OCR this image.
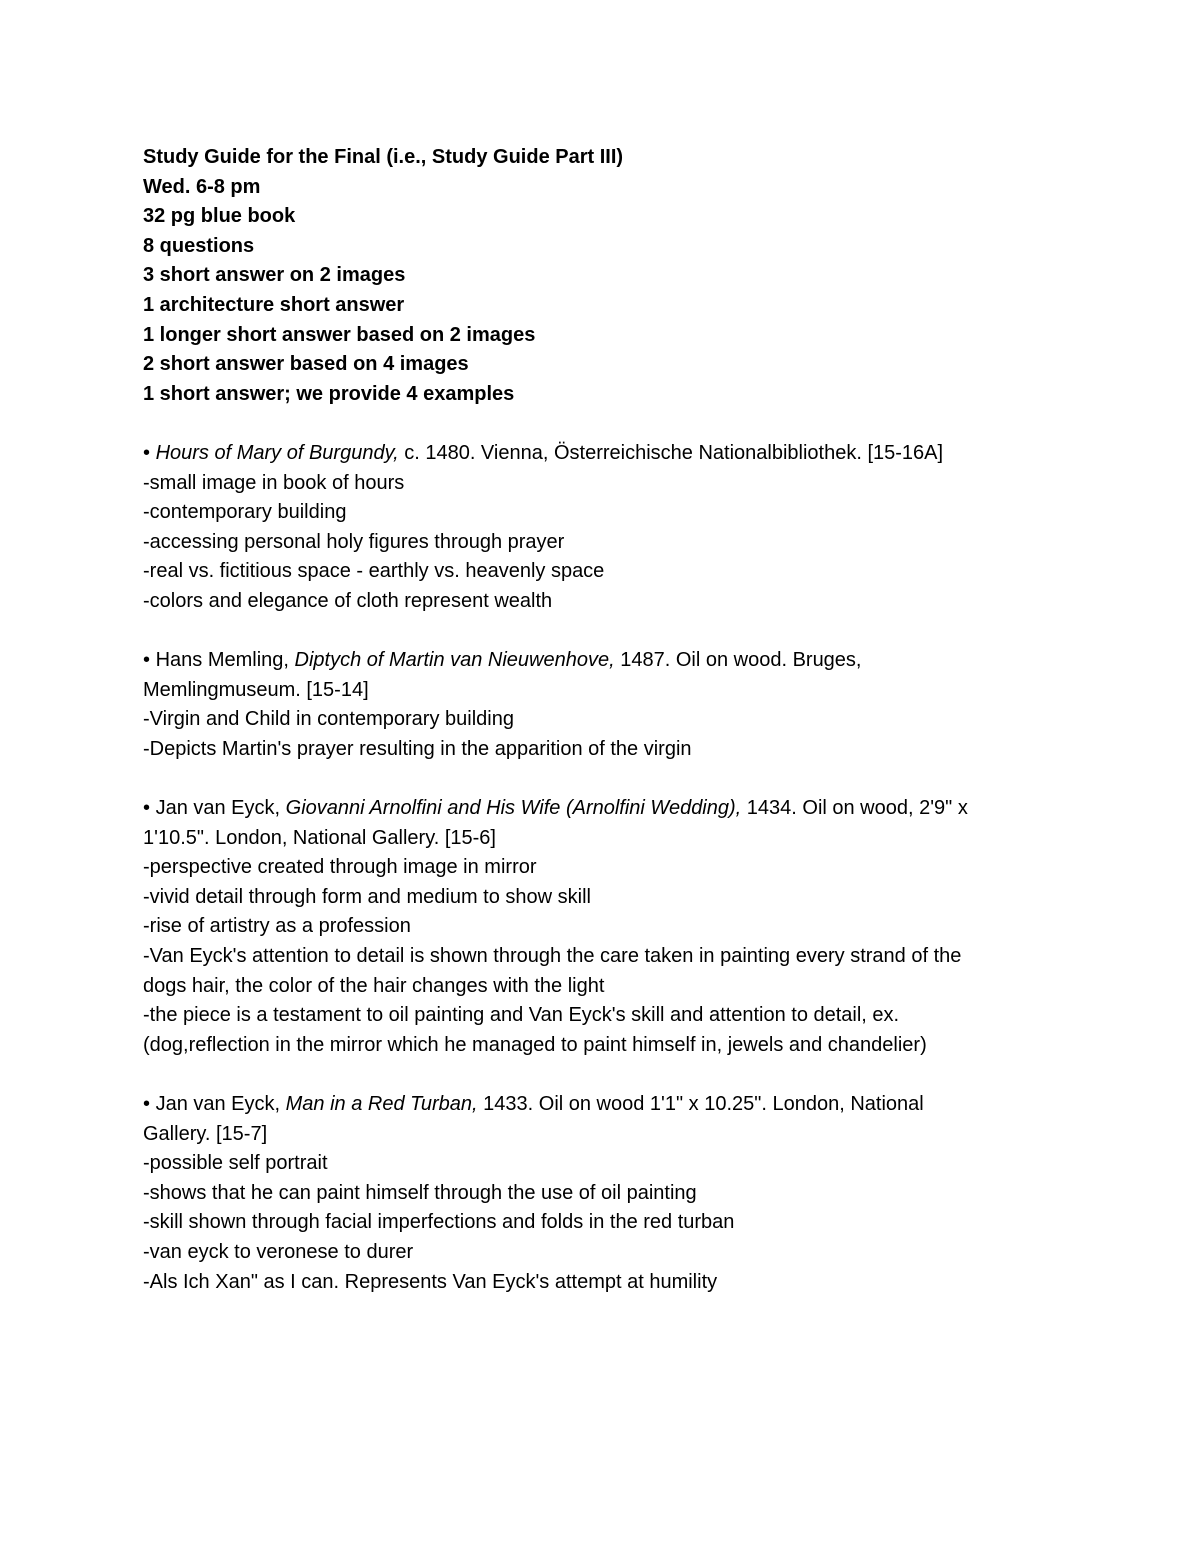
Study Guide for the Final (i.e., Study Guide Part III)

Wed. 6-8 pm

32 pg blue book

8 questions

3 short answer on 2 images

1 architecture short answer

1 longer short answer based on 2 images

2 short answer based on 4 images

1 short answer; we provide 4 examples

• Hours of Mary of Burgundy, c. 1480. Vienna, Österreichische Nationalbibliothek. [15-16A]

-small image in book of hours

-contemporary building

-accessing personal holy figures through prayer

-real vs. fictitious space - earthly vs. heavenly space

-colors and elegance of cloth represent wealth

• Hans Memling, Diptych of Martin van Nieuwenhove, 1487. Oil on wood. Bruges,

Memlingmuseum. [15-14]

-Virgin and Child in contemporary building

-Depicts Martin's prayer resulting in the apparition of the virgin

• Jan van Eyck, Giovanni Arnolfini and His Wife (Arnolfini Wedding), 1434. Oil on wood, 2'9" x

1'10.5". London, National Gallery. [15-6]

-perspective created through image in mirror

-vivid detail through form and medium to show skill

-rise of artistry as a profession

-Van Eyck's attention to detail is shown through the care taken in painting every strand of the

dogs hair, the color of the hair changes with the light

-the piece is a testament to oil painting and Van Eyck's skill and attention to detail, ex.

(dog,reflection in the mirror which he managed to paint himself in, jewels and chandelier)

• Jan van Eyck, Man in a Red Turban, 1433. Oil on wood 1'1" x 10.25". London, National

Gallery. [15-7]

-possible self portrait

-shows that he can paint himself through the use of oil painting

-skill shown through facial imperfections and folds in the red turban

-van eyck to veronese to durer

-Als Ich Xan" as I can. Represents Van Eyck's attempt at humility
